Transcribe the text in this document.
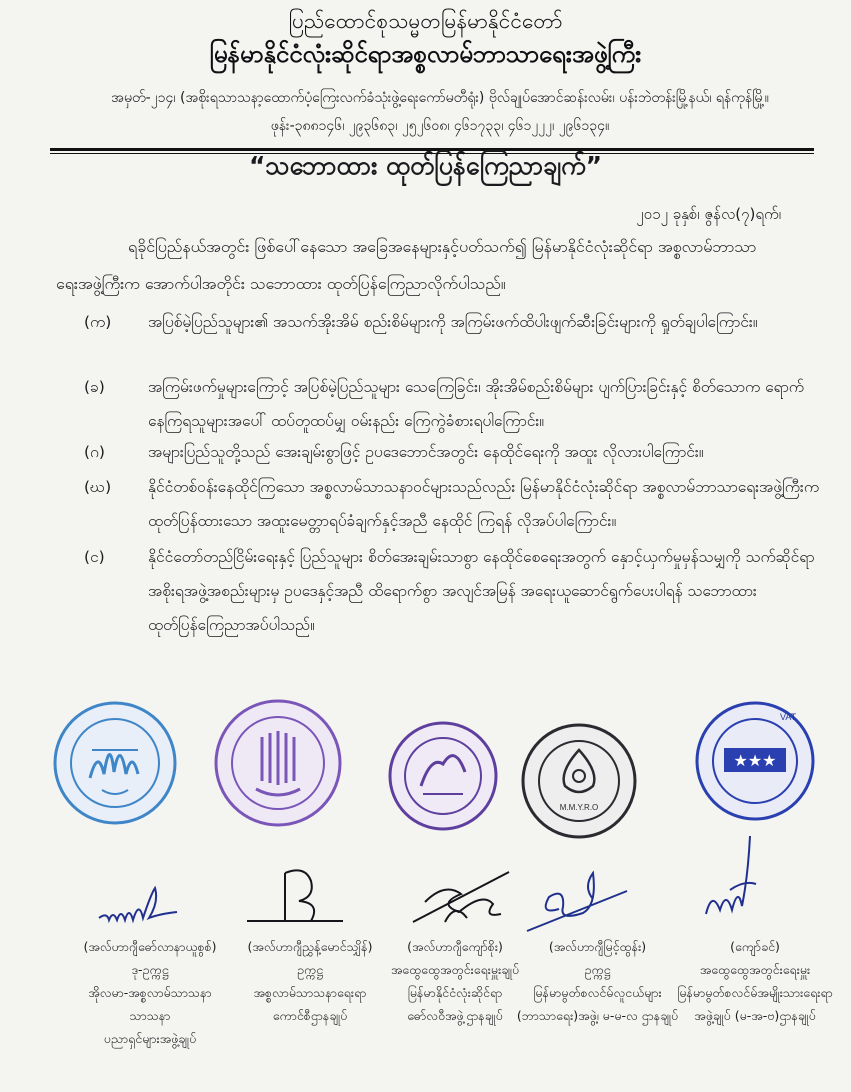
ပြည်ထောင်စုသမ္မတမြန်မာနိုင်ငံတော်
မြန်မာနိုင်ငံလုံးဆိုင်ရာအစ္စလာမ်ဘာသာရေးအဖွဲ့ကြီး
အမှတ်-၂၁၄၊ (အစိုးရသာသနာ့ထောက်ပံ့ကြေးလက်ခံသုံးဖွဲ့ရေးကော်မတီရုံး) ဗိုလ်ချုပ်အောင်ဆန်းလမ်း၊ ပန်းဘဲတန်းမြို့နယ်၊ ရန်ကုန်မြို့။
ဖုန်း-၃၈၈၁၄၆၊ ၂၉၃၆၈၃၊ ၂၅၂၆၀၈၊ ၄၆၁၇၃၃၊ ၄၆၁၂၂၂၊ ၂၉၆၁၃၄။
“သဘောထား ထုတ်ပြန်ကြေညာချက်”
၂၀၁၂ ခုနှစ်၊ ဇွန်လ(၇)ရက်၊
ရခိုင်ပြည်နယ်အတွင်း ဖြစ်ပေါ်နေသော အခြေအနေများနှင့်ပတ်သက်၍ မြန်မာနိုင်ငံလုံးဆိုင်ရာ အစ္စလာမ်ဘာသာ
ရေးအဖွဲ့ကြီးက အောက်ပါအတိုင်း သဘောထား ထုတ်ပြန်ကြေညာလိုက်ပါသည်။
(က)	အပြစ်မဲ့ပြည်သူများ၏ အသက်အိုးအိမ် စည်းစိမ်များကို အကြမ်းဖက်ထိပါးဖျက်ဆီးခြင်းများကို ရှုတ်ချပါကြောင်း။
(ခ)	အကြမ်းဖက်မှုများကြောင့် အပြစ်မဲ့ပြည်သူများ သေကြေခြင်း၊ အိုးအိမ်စည်းစိမ်များ ပျက်ပြားခြင်းနှင့် စိတ်သောက ရောက်နေကြရသူများအပေါ် ထပ်တူထပ်မျှ ဝမ်းနည်း ကြေကွဲခံစားရပါကြောင်း။
(ဂ)	အများပြည်သူတို့သည် အေးချမ်းစွာဖြင့် ဥပဒေဘောင်အတွင်း နေထိုင်ရေးကို အထူး လိုလားပါကြောင်း။
(ဃ)	နိုင်ငံတစ်ဝန်းနေထိုင်ကြသော အစ္စလာမ်သာသနာဝင်များသည်လည်း မြန်မာနိုင်ငံလုံးဆိုင်ရာ အစ္စလာမ်ဘာသာရေးအဖွဲ့ကြီးက ထုတ်ပြန်ထားသော အထူးမေတ္တာရပ်ခံချက်နှင့်အညီ နေထိုင် ကြရန် လိုအပ်ပါကြောင်း။
(င)	နိုင်ငံတော်တည်ငြိမ်းရေးနှင့် ပြည်သူများ စိတ်အေးချမ်းသာစွာ နေထိုင်စေရေးအတွက် နှောင့်ယှက်မှုမှန်သမျှကို သက်ဆိုင်ရာအစိုးရအဖွဲ့အစည်းများမှ ဥပဒေနှင့်အညီ ထိရောက်စွာ အလျင်အမြန် အရေးယူဆောင်ရွက်ပေးပါရန် သဘောထားထုတ်ပြန်ကြေညာအပ်ပါသည်။
M.M.Y.R.O
★★★
VAT
(အလ်ဟာဂျီဓော်လာနာယူစွစ်)
ဒု-ဥက္ကဋ္ဌ
အိုလမာ-အစ္စလာမ်သာသနာသာသနာ
ပညာရှင်များအဖွဲ့ချုပ်
(အလ်ဟာဂျီညွှန့်မောင်သျှိန်)
ဥက္ကဋ္ဌ
အစ္စလာမ်သာသနာရေးရာ
ကောင်စီဌာနချုပ်
(အလ်ဟာဂျီကျော်စိုး)
အထွေထွေအတွင်းရေးမှူးချုပ်
မြန်မာနိုင်ငံလုံးဆိုင်ရာ
ဓော်လဝီအဖွဲ့ဌာနချုပ်
(အလ်ဟာဂျီမြင့်ထွန်း)
ဥက္ကဋ္ဌ
မြန်မာမွတ်စလင်မ်လူငယ်များ
(ဘာသာရေး)အဖွဲ့၊ မ-မ-လ ဌာနချုပ်
(ကျော်ခင်)
အထွေထွေအတွင်းရေးမှူး
မြန်မာမွတ်စလင်မ်အမျိုးသားရေးရာ
အဖွဲ့ချုပ် (မ-အ-ဗ)ဌာနချုပ်
